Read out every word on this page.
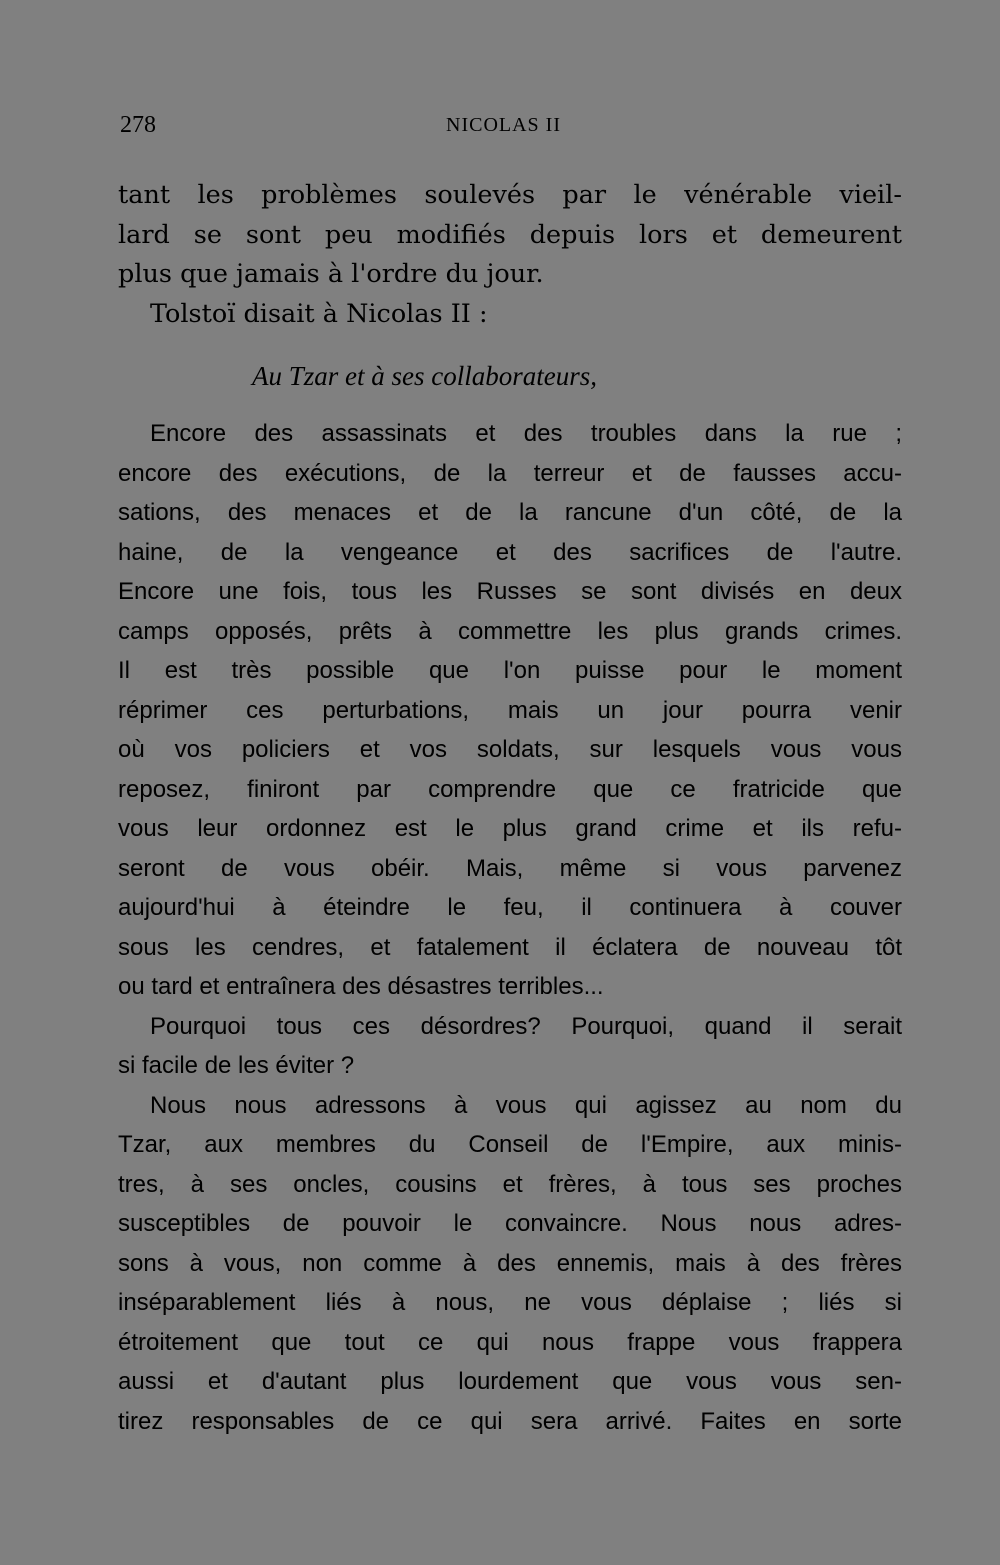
278	NICOLAS II
tant les problèmes soulevés par le vénérable vieil-
lard se sont peu modifiés depuis lors et demeurent
plus que jamais à l'ordre du jour.
Tolstoï disait à Nicolas II :
Au Tzar et à ses collaborateurs,
Encore des assassinats et des troubles dans la rue ;
encore des exécutions, de la terreur et de fausses accu-
sations, des menaces et de la rancune d'un côté, de la
haine, de la vengeance et des sacrifices de l'autre.
Encore une fois, tous les Russes se sont divisés en deux
camps opposés, prêts à commettre les plus grands crimes.
Il est très possible que l'on puisse pour le moment
réprimer ces perturbations, mais un jour pourra venir
où vos policiers et vos soldats, sur lesquels vous vous
reposez, finiront par comprendre que ce fratricide que
vous leur ordonnez est le plus grand crime et ils refu-
seront de vous obéir. Mais, même si vous parvenez
aujourd'hui à éteindre le feu, il continuera à couver
sous les cendres, et fatalement il éclatera de nouveau tôt
ou tard et entraînera des désastres terribles...
Pourquoi tous ces désordres? Pourquoi, quand il serait
si facile de les éviter ?
Nous nous adressons à vous qui agissez au nom du
Tzar, aux membres du Conseil de l'Empire, aux minis-
tres, à ses oncles, cousins et frères, à tous ses proches
susceptibles de pouvoir le convaincre. Nous nous adres-
sons à vous, non comme à des ennemis, mais à des frères
inséparablement liés à nous, ne vous déplaise ; liés si
étroitement que tout ce qui nous frappe vous frappera
aussi et d'autant plus lourdement que vous vous sen-
tirez responsables de ce qui sera arrivé. Faites en sorte
